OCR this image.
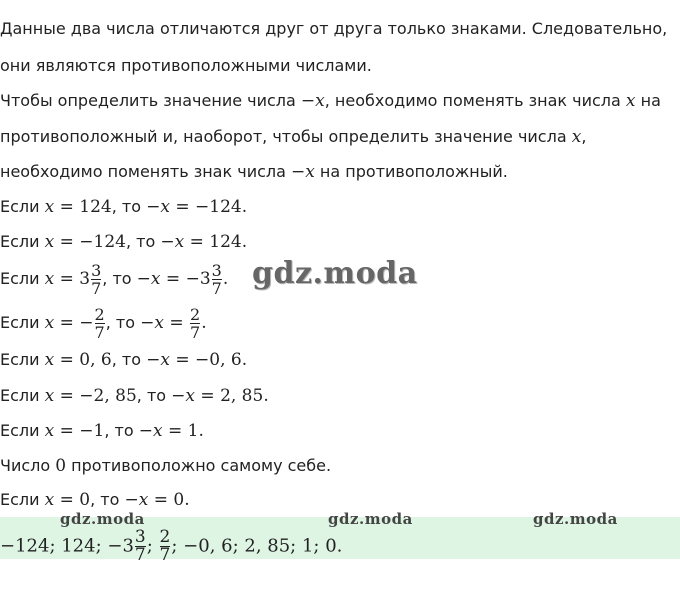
Данные два числа отличаются друг от друга только знаками. Следовательно,
они являются противоположными числами.
Чтобы определить значение числа −x, необходимо поменять знак числа x на
противоположный и, наоборот, чтобы определить значение числа x,
необходимо поменять знак числа −x на противоположный.
Если x = 124, то −x = −124.
Если x = −124, то −x = 124.
Если $x = 3 \frac{3}{7}$ , то $-x = -3 \frac{3}{7}$ .
Если x = − $\frac{2}{7}$ , то $-x = \frac{2}{7}$ .
Если x = 0, 6, то −x = −0, 6.
Если x = −2, 85, то −x = 2, 85.
Если x = −1, то −x = 1.
Число 0 противоположно самому себе.
Если x = 0, то −x = 0.
gdz.moda
gdz.moda	gdz.moda	gdz.moda
−124; 124; $-3 \frac{3}{7}$ ; $\frac{2}{7}$ ; −0, 6; 2, 85; 1; 0.
